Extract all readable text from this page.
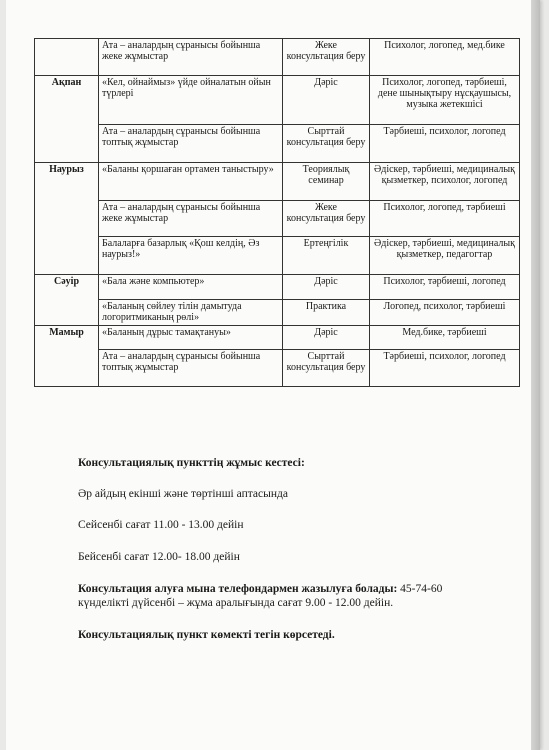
	Ата – аналардың сұранысы бойынша жеке жұмыстар	Жеке консультация беру	Психолог, логопед, мед.бике
Ақпан	«Кел, ойнаймыз» үйде ойналатын ойын түрлері	Дәріс	Психолог, логопед, тәрбиеші, дене шынықтыру нұсқаушысы, музыка жетекшісі
	Ата – аналардың сұранысы бойынша топтық жұмыстар	Сырттай консультация беру	Тәрбиеші, психолог, логопед
Наурыз	«Баланы қоршаған ортамен таныстыру»	Теориялық семинар	Әдіскер, тәрбиеші, медициналық қызметкер, психолог, логопед
	Ата – аналардың сұранысы бойынша жеке жұмыстар	Жеке консультация беру	Психолог, логопед, тәрбиеші
	Балаларға базарлық «Қош келдің, Әз наурыз!»	Ертеңгілік	Әдіскер, тәрбиеші, медициналық қызметкер, педагогтар
Сәуір	«Бала және компьютер»	Дәріс	Психолог, тәрбиеші, логопед
	«Баланың сөйлеу тілін дамытуда логоритмиканың рөлі»	Практика	Логопед, психолог, тәрбиеші
Мамыр	«Баланың дұрыс тамақтануы»	Дәріс	Мед.бике, тәрбиеші
	Ата – аналардың сұранысы бойынша топтық жұмыстар	Сырттай консультация беру	Тәрбиеші, психолог, логопед

Консультациялық пункттің жұмыс кестесі:

Әр айдың екінші және төртінші аптасында

Сейсенбі сағат 11.00 - 13.00 дейін

Бейсенбі сағат 12.00- 18.00 дейін

Консультация алуға мына телефондармен жазылуға болады: 45-74-60

күнделікті дүйсенбі – жұма аралығында сағат 9.00 - 12.00 дейін.

Консультациялық пункт көмекті тегін көрсетеді.
